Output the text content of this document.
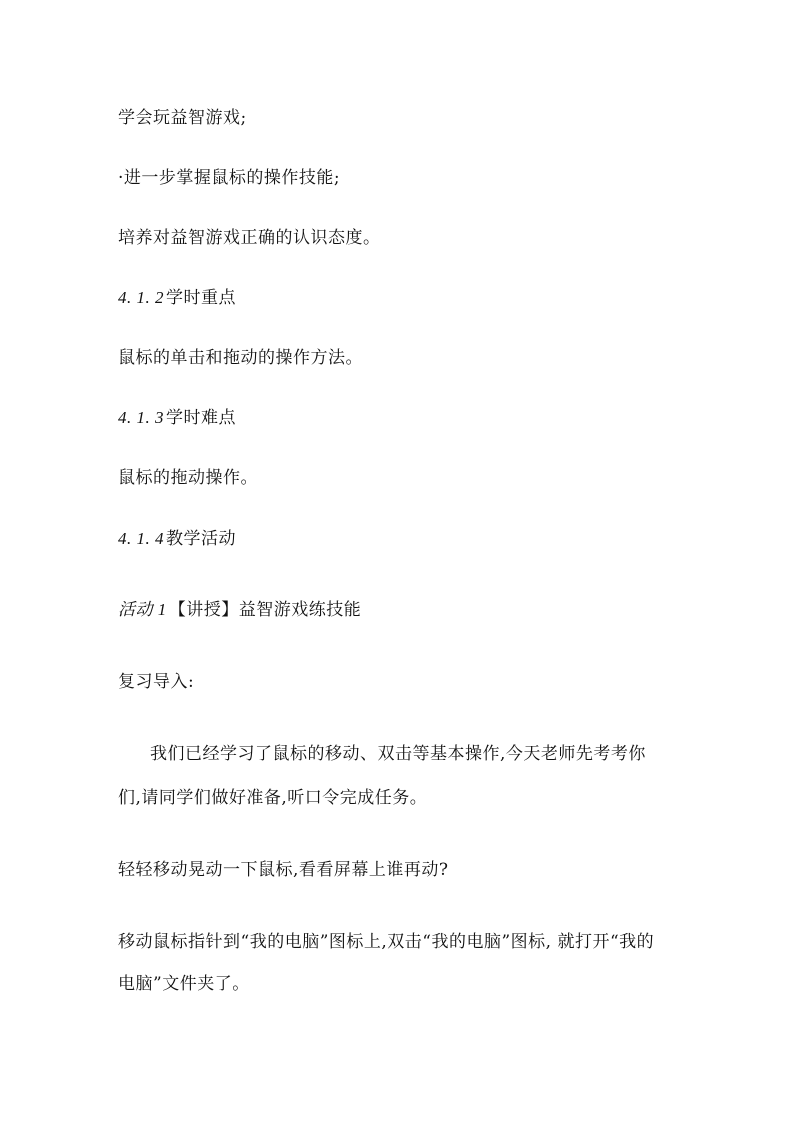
学会玩益智游戏;
·进一步掌握鼠标的操作技能;
培养对益智游戏正确的认识态度。
4. 1. 2 学时重点
鼠标的单击和拖动的操作方法。
4. 1. 3 学时难点
鼠标的拖动操作。
4. 1. 4 教学活动
活动 1 【讲授】益智游戏练技能
复习导入:
我们已经学习了鼠标的移动、双击等基本操作,今天老师先考考你
们,请同学们做好准备,听口令完成任务。
轻轻移动晃动一下鼠标,看看屏幕上谁再动?
移动鼠标指针到“我的电脑”图标上,双击“我的电脑”图标, 就打开“我的
电脑”文件夹了。
